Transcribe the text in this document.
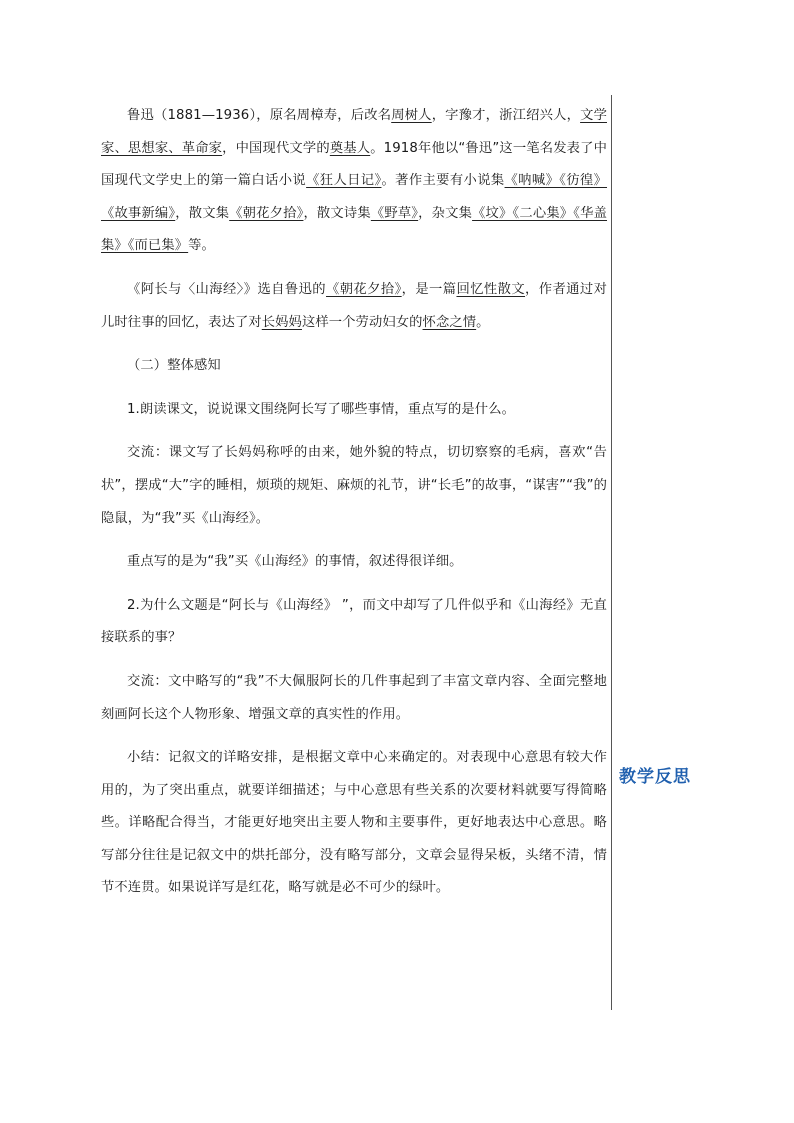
鲁迅（1881—1936），原名周樟寿，后改名周树人，字豫才，浙江绍兴人，文学家、思想家、革命家，中国现代文学的奠基人。1918年他以“鲁迅”这一笔名发表了中国现代文学史上的第一篇白话小说《狂人日记》。著作主要有小说集《呐喊》《彷徨》《故事新编》，散文集《朝花夕拾》，散文诗集《野草》，杂文集《坟》《二心集》《华盖集》《而已集》等。

《阿长与〈山海经〉》选自鲁迅的《朝花夕拾》，是一篇回忆性散文，作者通过对儿时往事的回忆，表达了对长妈妈这样一个劳动妇女的怀念之情。

（二）整体感知

1.朗读课文，说说课文围绕阿长写了哪些事情，重点写的是什么。

交流：课文写了长妈妈称呼的由来，她外貌的特点，切切察察的毛病，喜欢“告状”，摆成“大”字的睡相，烦琐的规矩、麻烦的礼节，讲“长毛”的故事，“谋害”“我”的隐鼠，为“我”买《山海经》。

重点写的是为“我”买《山海经》的事情，叙述得很详细。

2.为什么文题是“阿长与《山海经》 ”，而文中却写了几件似乎和《山海经》无直接联系的事？

交流：文中略写的“我”不大佩服阿长的几件事起到了丰富文章内容、全面完整地刻画阿长这个人物形象、增强文章的真实性的作用。

小结：记叙文的详略安排，是根据文章中心来确定的。对表现中心意思有较大作用的，为了突出重点，就要详细描述；与中心意思有些关系的次要材料就要写得简略些。详略配合得当，才能更好地突出主要人物和主要事件，更好地表达中心意思。略写部分往往是记叙文中的烘托部分，没有略写部分，文章会显得呆板，头绪不清，情节不连贯。如果说详写是红花，略写就是必不可少的绿叶。

教学反思
